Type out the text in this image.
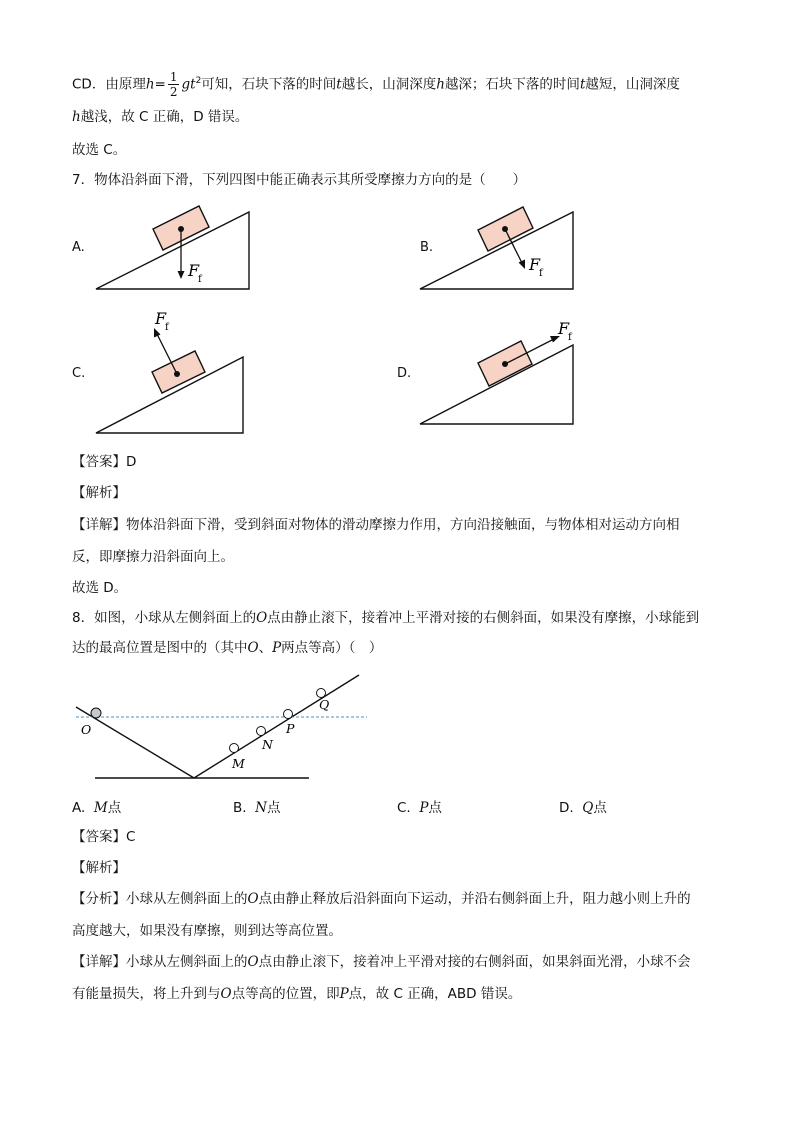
CD．由原理$h= \frac{1}{2} gt^2$可知，石块下落的时间t越长，山洞深度h越深；石块下落的时间t越短，山洞深度
h越浅，故 C 正确，D 错误。
故选 C。
7．物体沿斜面下滑，下列四图中能正确表示其所受摩擦力方向的是（　　）
A.
F
f
F
f
F
f	F
f
O
M
N
P
Q
B.
C.	D.
【答案】D
【解析】
【详解】物体沿斜面下滑，受到斜面对物体的滑动摩擦力作用，方向沿接触面，与物体相对运动方向相
反，即摩擦力沿斜面向上。
故选 D。
8．如图，小球从左侧斜面上的O点由静止滚下，接着冲上平滑对接的右侧斜面，如果没有摩擦，小球能到
达的最高位置是图中的（其中O、P两点等高）（　）
A. M点	B. N点	C. P点	D. Q点
【答案】C
【解析】
【分析】小球从左侧斜面上的O点由静止释放后沿斜面向下运动，并沿右侧斜面上升，阻力越小则上升的
高度越大，如果没有摩擦，则到达等高位置。
【详解】小球从左侧斜面上的O点由静止滚下，接着冲上平滑对接的右侧斜面，如果斜面光滑，小球不会
有能量损失，将上升到与O点等高的位置，即P点，故 C 正确，ABD 错误。
